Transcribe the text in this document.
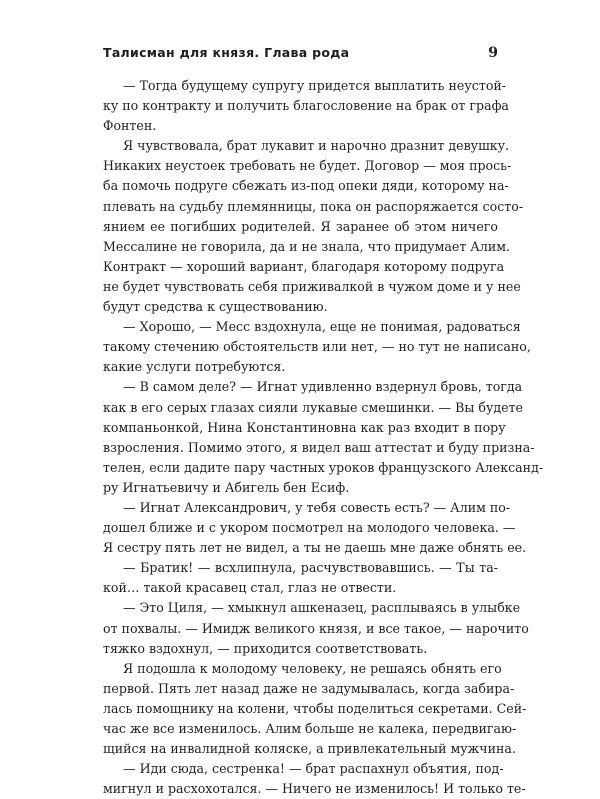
Талисман для князя. Глава рода	9
— Тогда будущему супругу придется выплатить неустой-
ку по контракту и получить благословение на брак от графа
Фонтен.
Я чувствовала, брат лукавит и нарочно дразнит девушку.
Никаких неустоек требовать не будет. Договор — моя прось-
ба помочь подруге сбежать из-под опеки дяди, которому на-
плевать на судьбу племянницы, пока он распоряжается состо-
янием ее погибших родителей. Я заранее об этом ничего
Мессалине не говорила, да и не знала, что придумает Алим.
Контракт — хороший вариант, благодаря которому подруга
не будет чувствовать себя приживалкой в чужом доме и у нее
будут средства к существованию.
— Хорошо, — Месс вздохнула, еще не понимая, радоваться
такому стечению обстоятельств или нет, — но тут не написано,
какие услуги потребуются.
— В самом деле? — Игнат удивленно вздернул бровь, тогда
как в его серых глазах сияли лукавые смешинки. — Вы будете
компаньонкой, Нина Константиновна как раз входит в пору
взросления. Помимо этого, я видел ваш аттестат и буду призна-
телен, если дадите пару частных уроков французского Александ-
ру Игнатьевичу и Абигель бен Есиф.
— Игнат Александрович, у тебя совесть есть? — Алим по-
дошел ближе и с укором посмотрел на молодого человека. —
Я сестру пять лет не видел, а ты не даешь мне даже обнять ее.
— Братик! — всхлипнула, расчувствовавшись. — Ты та-
кой… такой красавец стал, глаз не отвести.
— Это Циля, — хмыкнул ашкеназец, расплываясь в улыбке
от похвалы. — Имидж великого князя, и все такое, — нарочито
тяжко вздохнул, — приходится соответствовать.
Я подошла к молодому человеку, не решаясь обнять его
первой. Пять лет назад даже не задумывалась, когда забира-
лась помощнику на колени, чтобы поделиться секретами. Сей-
час же все изменилось. Алим больше не калека, передвигаю-
щийся на инвалидной коляске, а привлекательный мужчина.
— Иди сюда, сестренка! — брат распахнул объятия, под-
мигнул и расхохотался. — Ничего не изменилось! И только те-
